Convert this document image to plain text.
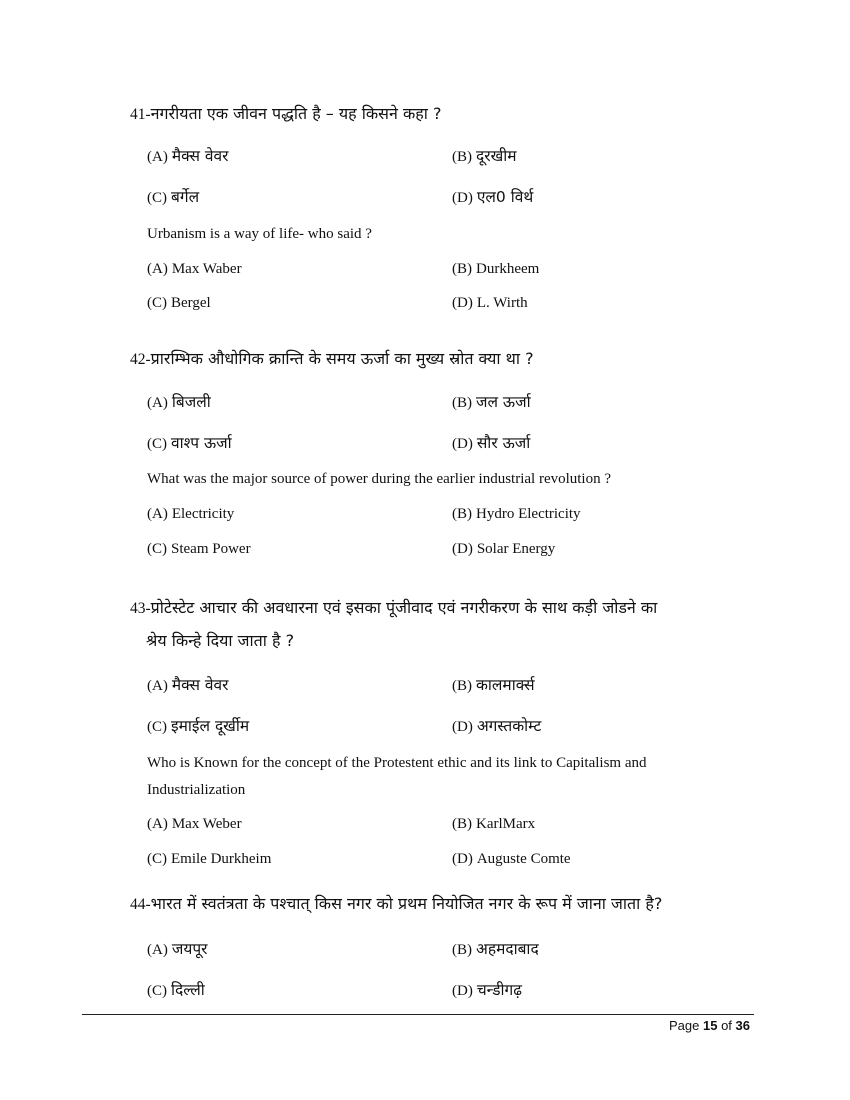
41-नगरीयता एक जीवन पद्धति है – यह किसने कहा ?
(A) मैक्स वेवर	(B) दूरखीम
(C) बर्गेल	(D) एल0 विर्थ
Urbanism is a way of life- who said ?
(A) Max Waber	(B) Durkheem
(C) Bergel	(D) L. Wirth
42-प्रारम्भिक औधोगिक क्रान्ति के समय ऊर्जा का मुख्य स्रोत क्या था ?
(A) बिजली	(B) जल ऊर्जा
(C) वाश्प ऊर्जा	(D) सौर ऊर्जा
What was the major source of power during the earlier industrial revolution ?
(A) Electricity	(B) Hydro Electricity
(C) Steam Power	(D) Solar Energy
43-प्रोटेस्टेट आचार की अवधारना एवं इसका पूंजीवाद एवं नगरीकरण के साथ कड़ी जोडने का
श्रेय किन्हे दिया जाता है ?
(A) मैक्स वेवर	(B) कालमार्क्स
(C) इमाईल दूर्खीम	(D) अगस्तकोम्ट
Who is Known for the concept of the Protestent ethic and its link to Capitalism and
Industrialization
(A) Max Weber	(B) KarlMarx
(C) Emile Durkheim	(D) Auguste Comte
44-भारत में स्वतंत्रता के पश्चात् किस नगर को प्रथम नियोजित नगर के रूप में जाना जाता है?
(A) जयपूर	(B) अहमदाबाद
(C) दिल्ली	(D) चन्डीगढ़
Page 15 of 36
